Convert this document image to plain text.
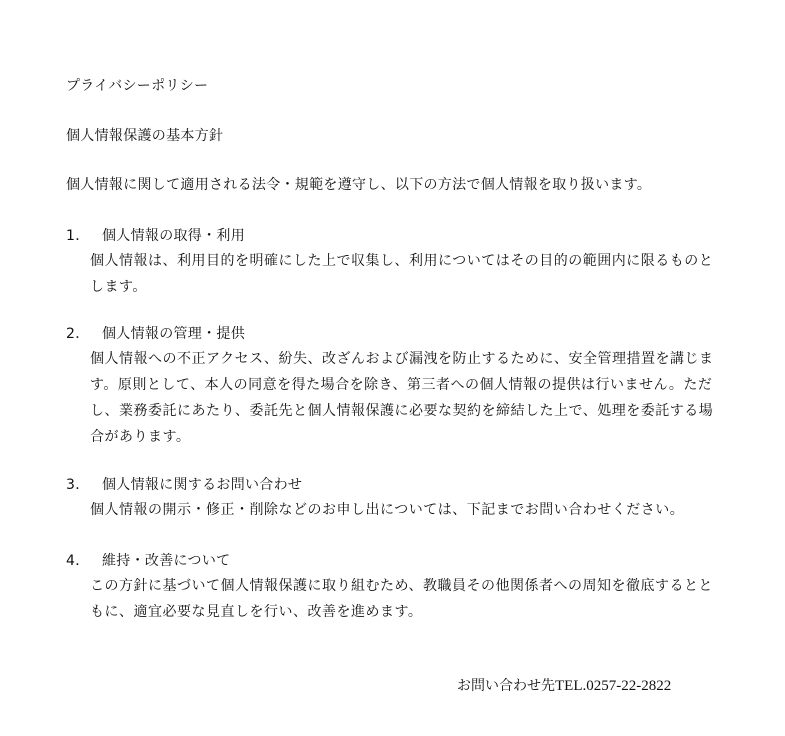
プライバシーポリシー
個人情報保護の基本方針
個人情報に関して適用される法令・規範を遵守し、以下の方法で個人情報を取り扱います。
1． 個人情報の取得・利用
個人情報は、利用目的を明確にした上で収集し、利用についてはその目的の範囲内に限るものとします。
2． 個人情報の管理・提供
個人情報への不正アクセス、紛失、改ざんおよび漏洩を防止するために、安全管理措置を講じます。原則として、本人の同意を得た場合を除き、第三者への個人情報の提供は行いません。ただし、業務委託にあたり、委託先と個人情報保護に必要な契約を締結した上で、処理を委託する場合があります。
3． 個人情報に関するお問い合わせ
個人情報の開示・修正・削除などのお申し出については、下記までお問い合わせください。
4． 維持・改善について
この方針に基づいて個人情報保護に取り組むため、教職員その他関係者への周知を徹底するとともに、適宜必要な見直しを行い、改善を進めます。
お問い合わせ先TEL.0257-22-2822
